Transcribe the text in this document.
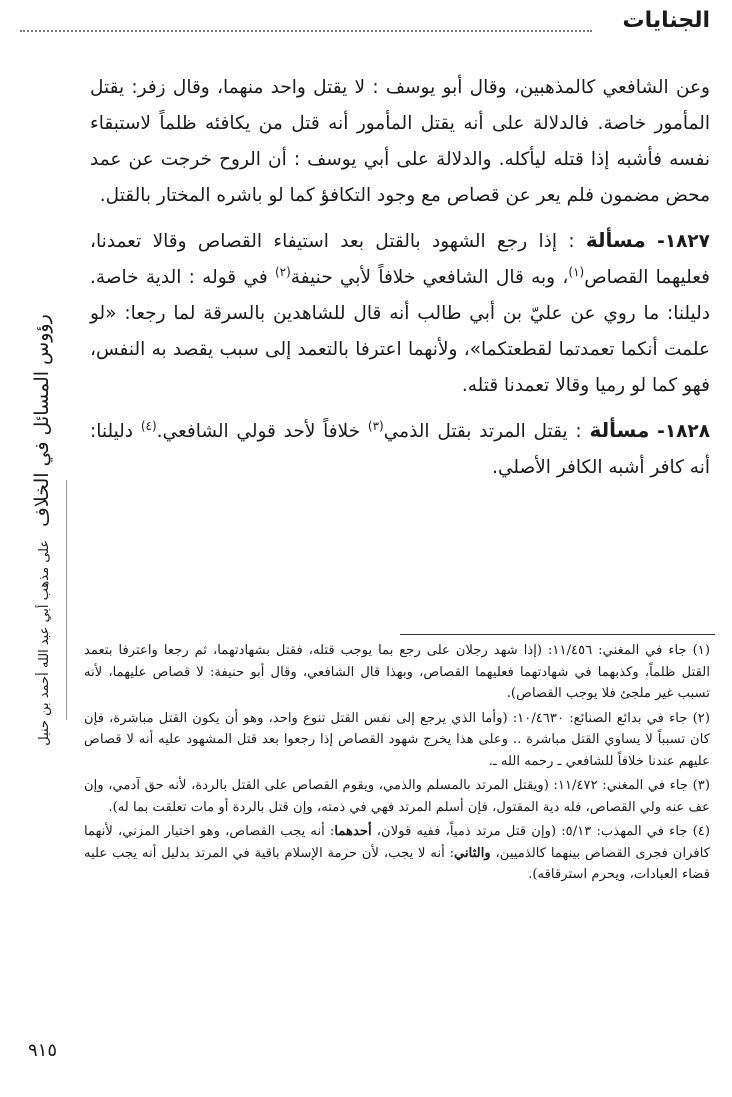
الجنايات
رؤوس المسائل في الخلاف على مذهب أبي عبد الله أحمد بن حنبل

وعن الشافعي كالمذهبين، وقال أبو يوسف : لا يقتل واحد منهما، وقال زفر: يقتل المأمور خاصة. فالدلالة على أنه يقتل المأمور أنه قتل من يكافئه ظلماً لاستبقاء نفسه فأشبه إذا قتله ليأكله. والدلالة على أبي يوسف : أن الروح خرجت عن عمد محض مضمون فلم يعر عن قصاص مع وجود التكافؤ كما لو باشره المختار بالقتل.

١٨٢٧- مسألة : إذا رجع الشهود بالقتل بعد استيفاء القصاص وقالا تعمدنا، فعليهما القصاص$^{(١)}$، وبه قال الشافعي خلافاً لأبي حنيفة$^{(٢)}$ في قوله : الدية خاصة. دليلنا: ما روي عن عليّ بن أبي طالب أنه قال للشاهدين بالسرقة لما رجعا: «لو علمت أنكما تعمدتما لقطعتكما»، ولأنهما اعترفا بالتعمد إلى سبب يقصد به النفس، فهو كما لو رميا وقالا تعمدنا قتله.

١٨٢٨- مسألة : يقتل المرتد بقتل الذمي$^{(٣)}$ خلافاً لأحد قولي الشافعي.$^{(٤)}$ دليلنا: أنه كافر أشبه الكافر الأصلي.

(١) جاء في المغني: ١١/٤٥٦: (إذا شهد رجلان على رجع بما يوجب قتله، فقتل بشهادتهما، ثم رجعا واعترفا بتعمد القتل ظلماً، وكذبهما في شهادتهما فعليهما القصاص، وبهذا قال الشافعي، وقال أبو حنيفة: لا قصاص عليهما، لأنه تسبب غير ملجئ فلا يوجب القصاص).

(٢) جاء في بدائع الصنائع: ١٠/٤٦٣٠: (وأما الذي يرجع إلى نفس القتل تنوع واحد، وهو أن يكون القتل مباشرة، فإن كان تسبباً لا يساوي القتل مباشرة .. وعلى هذا يخرج شهود القصاص إذا رجعوا بعد قتل المشهود عليه أنه لا قصاص عليهم عندنا خلافاً للشافعي ـ رحمه الله ـ.

(٣) جاء في المغني: ١١/٤٧٢: (ويقتل المرتد بالمسلم والذمي، ويقوم القصاص على القتل بالردة، لأنه حق آدمي، وإن عف عنه ولي القصاص، فله دية المقتول، فإن أسلم المرتد فهي في ذمته، وإن قتل بالردة أو مات تعلقت بما له).

(٤) جاء في المهذب: ٥/١٣: (وإن قتل مرتد ذمياً، ففيه قولان، أحدهما: أنه يجب القصاص، وهو اختيار المزني، لأنهما كافران فجرى القصاص بينهما كالذميين، والثاني: أنه لا يجب، لأن حرمة الإسلام باقية في المرتد بدليل أنه يجب عليه قضاء العبادات، ويحرم استرقاقه).

٩١٥
